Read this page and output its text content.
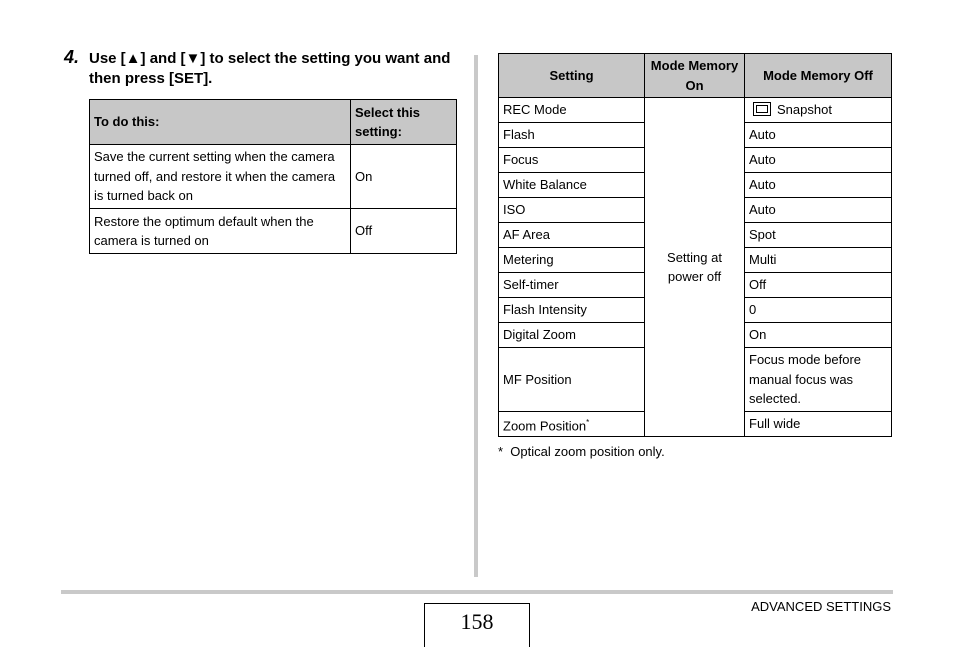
4. Use [▲] and [▼] to select the setting you want and then press [SET].
To do this:	Select this setting:
Save the current setting when the camera turned off, and restore it when the camera is turned back on	On
Restore the optimum default when the camera is turned on	Off
Setting	Mode Memory On	Mode Memory Off
REC Mode	Setting at power off	Snapshot
Flash		Auto
Focus		Auto
White Balance		Auto
ISO		Auto
AF Area		Spot
Metering		Multi
Self-timer		Off
Flash Intensity		0
Digital Zoom		On
MF Position		Focus mode before manual focus was selected.
Zoom Position*		Full wide
* Optical zoom position only.
ADVANCED SETTINGS
158
